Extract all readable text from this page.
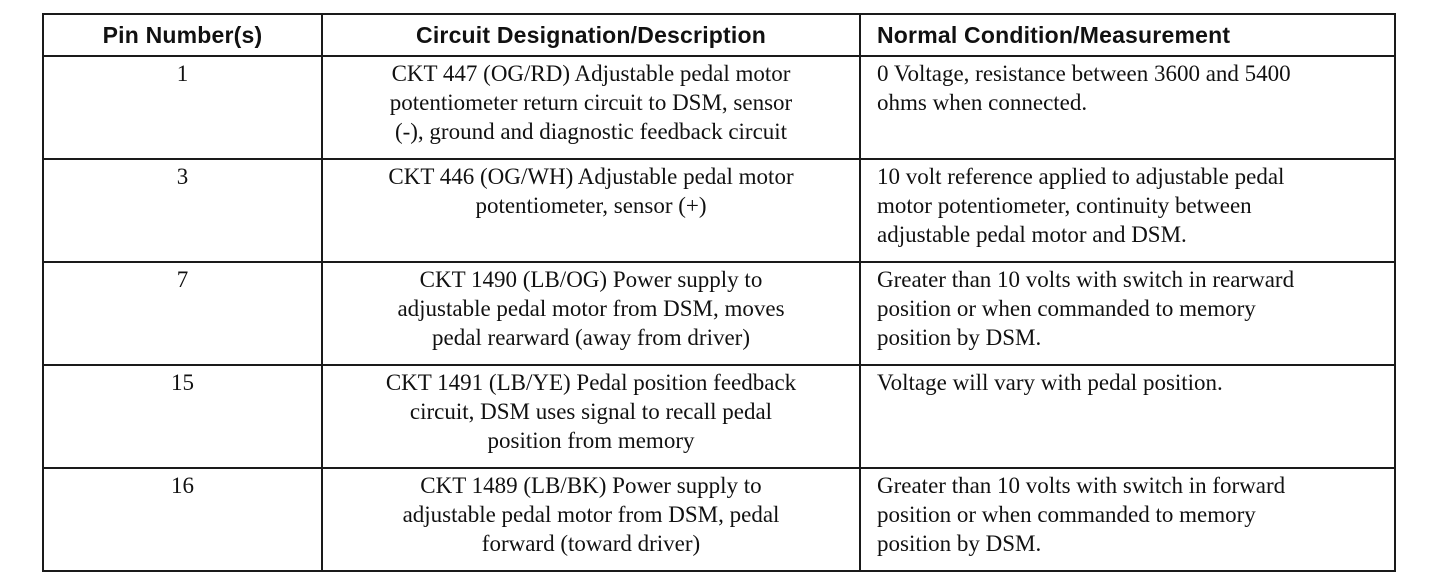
Pin Number(s)	Circuit Designation/Description	Normal Condition/Measurement
1	CKT 447 (OG/RD) Adjustable pedal motor
potentiometer return circuit to DSM, sensor
(-), ground and diagnostic feedback circuit	0 Voltage, resistance between 3600 and 5400
ohms when connected.

3	CKT 446 (OG/WH) Adjustable pedal motor
potentiometer, sensor (+)	10 volt reference applied to adjustable pedal
motor potentiometer, continuity between
adjustable pedal motor and DSM.

7	CKT 1490 (LB/OG) Power supply to
adjustable pedal motor from DSM, moves
pedal rearward (away from driver)	Greater than 10 volts with switch in rearward
position or when commanded to memory
position by DSM.

15	CKT 1491 (LB/YE) Pedal position feedback
circuit, DSM uses signal to recall pedal
position from memory	Voltage will vary with pedal position.

16	CKT 1489 (LB/BK) Power supply to
adjustable pedal motor from DSM, pedal
forward (toward driver)	Greater than 10 volts with switch in forward
position or when commanded to memory
position by DSM.
